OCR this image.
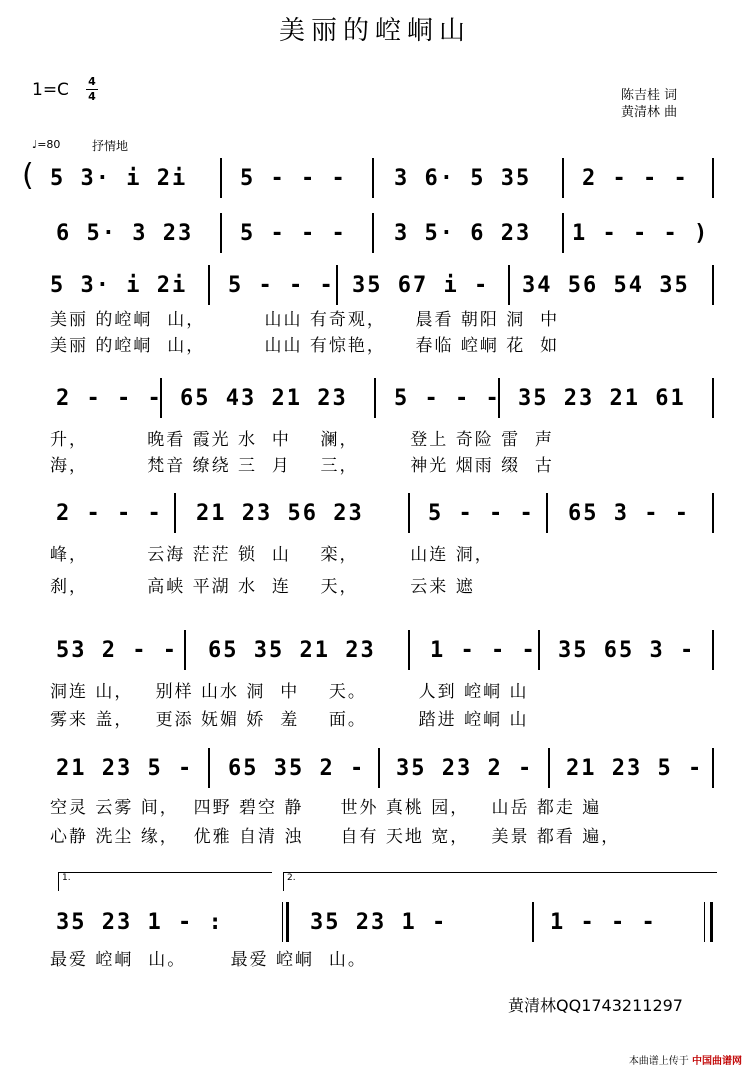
美丽的崆峒山
1=C 4
4	陈吉桂 词
黄清林 曲
♩=80	抒情地
( 5 3· i 2i 5 - - - 3 6· 5 35 2 - - -
6 5· 3 23 5 - - - 3 5· 6 23 1 - - - )
5 3· i 2i 5 - - - 35 67 i - 34 56 54 35
美丽 的崆峒  山，        山山 有奇观，    晨看 朝阳 洞  中
美丽 的崆峒  山，        山山 有惊艳，    春临 崆峒 花  如
2 - - - 65 43 21 23 5 - - - 35 23 21 61
升，        晚看 霞光 水  中    澜，       登上 奇险 雷  声
海，        梵音 缭绕 三  月    三，       神光 烟雨 缀  古
2 - - - 21 23 56 23	5 - - - 65 3 - -
峰，        云海 茫茫 锁  山    栾，       山连 洞，
刹，        高峡 平湖 水  连    天，       云来 遮
53 2 - - 65 35 21 23 1 - - - 35 65 3 -
洞连 山，   别样 山水 洞  中    天。       人到 崆峒 山
雾来 盖，   更添 妩媚 娇  羞    面。       踏进 崆峒 山
21 23 5 - 65 35 2 - 35 23 2 - 21 23 5 -
空灵 云雾 间，  四野 碧空 静     世外 真桃 园，   山岳 都走 遍
心静 洗尘 缘，  优雅 自清 浊     自有 天地 宽，   美景 都看 遍，
1.	2.
35 23 1 - :	35 23 1 -	1 - - -
最爱 崆峒  山。      最爱 崆峒  山。
黄清林QQ1743211297
本曲谱上传于 中国曲谱网
